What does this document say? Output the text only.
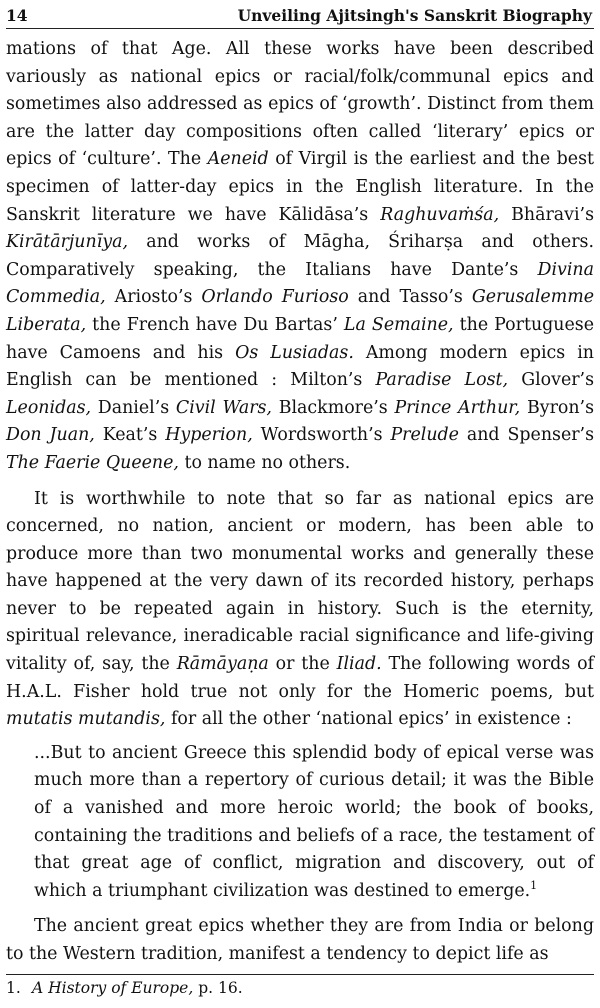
14	Unveiling Ajitsingh's Sanskrit Biography

mations of that Age. All these works have been described variously as national epics or racial/folk/communal epics and sometimes also addressed as epics of ‘growth’. Distinct from them are the latter day compositions often called ‘literary’ epics or epics of ‘culture’. The Aeneid of Virgil is the earliest and the best specimen of latter-day epics in the English literature. In the Sanskrit literature we have Kālidāsa’s Raghuvaṁśa, Bhāravi’s Kirātārjunīya, and works of Māgha, Śriharṣa and others. Comparatively speaking, the Italians have Dante’s Divina Commedia, Ariosto’s Orlando Furioso and Tasso’s Gerusalemme Liberata, the French have Du Bartas’ La Semaine, the Portuguese have Camoens and his Os Lusiadas. Among modern epics in English can be mentioned : Milton’s Paradise Lost, Glover’s Leonidas, Daniel’s Civil Wars, Blackmore’s Prince Arthur, Byron’s Don Juan, Keat’s Hyperion, Wordsworth’s Prelude and Spenser’s The Faerie Queene, to name no others.

It is worthwhile to note that so far as national epics are concerned, no nation, ancient or modern, has been able to produce more than two monumental works and generally these have happened at the very dawn of its recorded history, perhaps never to be repeated again in history. Such is the eternity, spiritual relevance, ineradicable racial significance and life-giving vitality of, say, the Rāmāyaṇa or the Iliad. The following words of H.A.L. Fisher hold true not only for the Homeric poems, but mutatis mutandis, for all the other ‘national epics’ in existence :

...But to ancient Greece this splendid body of epical verse was much more than a repertory of curious detail; it was the Bible of a vanished and more heroic world; the book of books, containing the traditions and beliefs of a race, the testament of that great age of conflict, migration and discovery, out of which a triumphant civilization was destined to emerge.$^1$

The ancient great epics whether they are from India or belong to the Western tradition, manifest a tendency to depict life as

1. A History of Europe, p. 16.
